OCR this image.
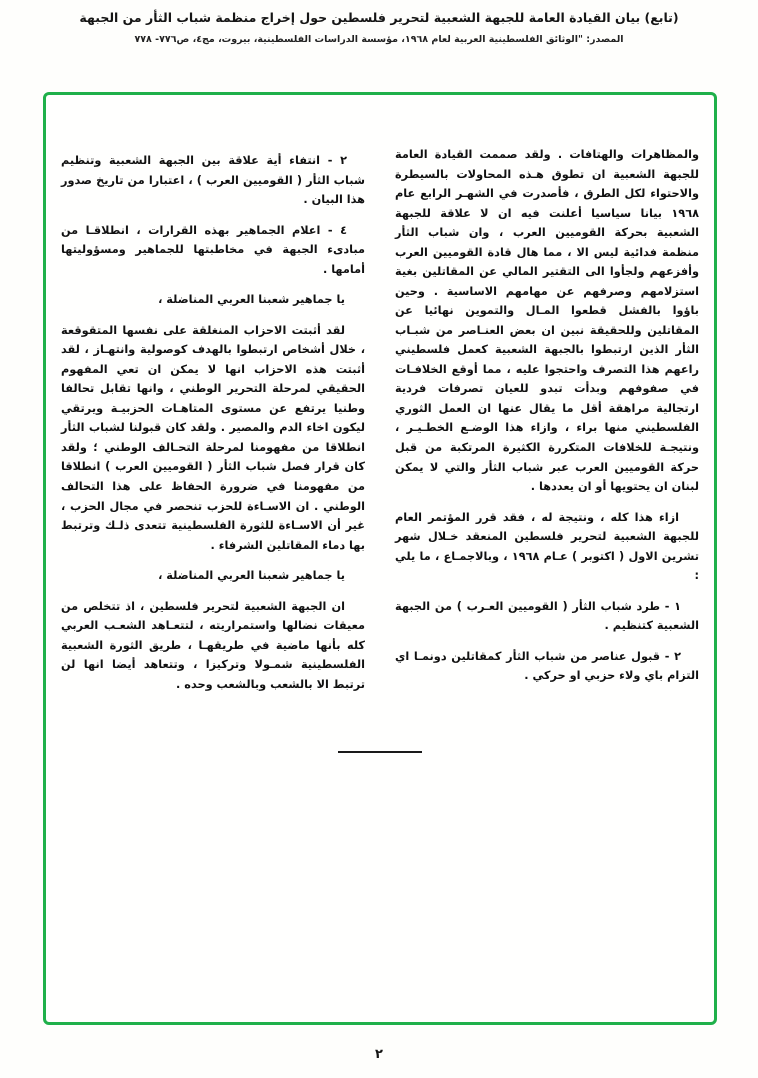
(تابع) بيان القيادة العامة للجبهة الشعبية لتحرير فلسطين حول إخراج منظمة شباب الثأر من الجبهة
المصدر: "الوثائق الفلسطينية العربية لعام ١٩٦٨، مؤسسة الدراسات الفلسطينية، بيروت، مج٤، ص٧٧٦- ٧٧٨

والمظاهرات والهتافات . ولقد صممت القيادة العامة للجبهة الشعبية ان تطوق هـذه المحاولات بالسيطرة والاحتواء لكل الطرق ، فأصدرت في الشهـر الرابع عام ١٩٦٨ بيانا سياسيا أعلنت فيه ان لا علاقة للجبهة الشعبية بحركة القوميين العرب ، وان شباب الثأر منظمة فدائية ليس الا ، مما هال قادة القوميين العرب وأفزعهم ولجأوا الى التقتير المالي عن المقاتلين بغية استزلامهم وصرفهم عن مهامهم الاساسية . وحين باؤوا بالفشل قطعوا المـال والتموين نهائيا عن المقاتلين وللحقيقة نبين ان بعض العنـاصر من شبـاب الثأر الذين ارتبطوا بالجبهة الشعبية كعمل فلسطيني راعهم هذا التصرف واحتجوا عليه ، مما أوقع الخلافـات في صفوفهم وبدأت تبدو للعيان تصرفات فردية ارتجالية مراهقة أقل ما يقال عنها ان العمل الثوري الفلسطيني منها براء ، وازاء هذا الوضـع الخطـيـر ، ونتيجـة للخلافات المتكررة الكثيرة المرتكبة من قبل حركة القوميين العرب عبر شباب الثأر والتي لا يمكن لبنان ان يحتويها أو ان يعددها .

ازاء هذا كله ، ونتيجة له ، فقد قرر المؤتمر العام للجبهة الشعبية لتحرير فلسطين المنعقد خـلال شهر تشرين الاول ( اكتوبر ) عـام ١٩٦٨ ، وبالاجمـاع ، ما يلي :

١ - طرد شباب الثأر ( القوميين العـرب ) من الجبهة الشعبية كتنظيم .

٢ - قبول عناصر من شباب الثأر كمقاتلين دونمـا اي التزام باي ولاء حزبي او حركي .

٢ - انتفاء أية علاقة بين الجبهة الشعبية وتنظيم شباب الثأر ( القوميين العرب ) ، اعتبارا من تاريخ صدور هذا البيان .

٤ - اعلام الجماهير بهذه القرارات ، انطلاقـا من مبادىء الجبهة في مخاطبتها للجماهير ومسؤوليتها أمامها .

يا جماهير شعبنا العربي المناضلة ،

لقد أثبتت الاحزاب المنغلقة على نفسها المتقوقعة ، خلال أشخاص ارتبطوا بالهدف كوصولية وانتهـاز ، لقد أثبتت هذه الاحزاب انها لا يمكن ان تعي المفهوم الحقيقي لمرحلة التحرير الوطني ، وانها تقابل تحالفا وطنيا يرتفع عن مستوى المتاهـات الحزبيـة ويرتقي ليكون اخاء الدم والمصير . ولقد كان قبولنا لشباب الثأر انطلاقا من مفهومنا لمرحلة التحـالف الوطني ؛ ولقد كان قرار فصل شباب الثأر ( القوميين العرب ) انطلاقا من مفهومنا في ضرورة الحفاظ على هذا التحالف الوطني . ان الاسـاءة للحزب تنحصر في مجال الحزب ، غير أن الاسـاءة للثورة الفلسطينية تتعدى ذلـك وترتبط بها دماء المقاتلين الشرفاء .

يا جماهير شعبنا العربي المناضلة ،

ان الجبهة الشعبية لتحرير فلسطين ، اذ تتخلص من معيقات نضالها واستمراريته ، لتتعـاهد الشعـب العربي كله بأنها ماضية في طريقهـا ، طريق الثورة الشعبية الفلسطينية شمـولا وتركيزا ، وتتعاهد أيضا انها لن ترتبط الا بالشعب وبالشعب وحده .

٢
